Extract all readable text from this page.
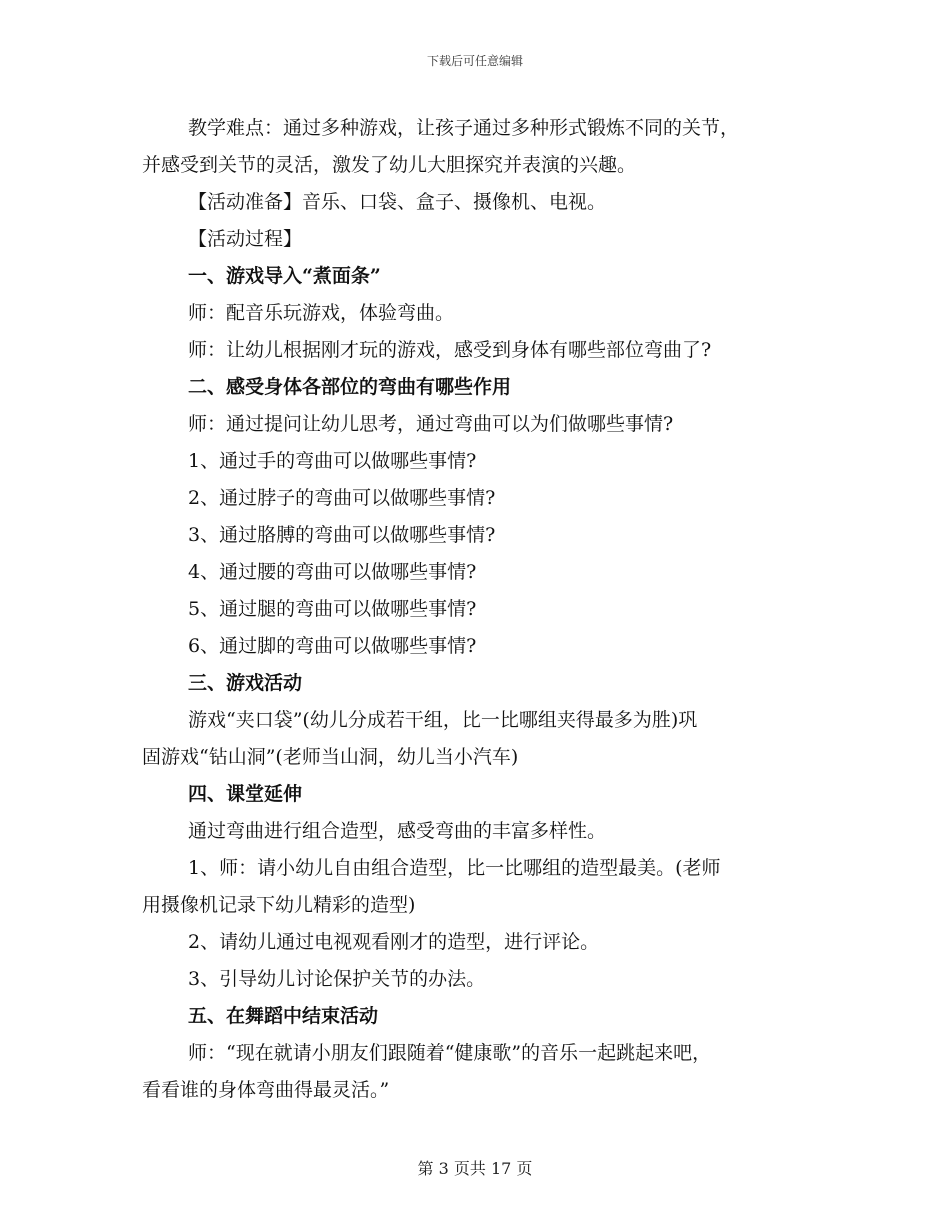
下载后可任意编辑
教学难点：通过多种游戏，让孩子通过多种形式锻炼不同的关节，
并感受到关节的灵活，激发了幼儿大胆探究并表演的兴趣。
【活动准备】音乐、口袋、盒子、摄像机、电视。
【活动过程】
一、游戏导入“煮面条”
师：配音乐玩游戏，体验弯曲。
师：让幼儿根据刚才玩的游戏，感受到身体有哪些部位弯曲了?
二、感受身体各部位的弯曲有哪些作用
师：通过提问让幼儿思考，通过弯曲可以为们做哪些事情?
1、通过手的弯曲可以做哪些事情?
2、通过脖子的弯曲可以做哪些事情?
3、通过胳膊的弯曲可以做哪些事情?
4、通过腰的弯曲可以做哪些事情?
5、通过腿的弯曲可以做哪些事情?
6、通过脚的弯曲可以做哪些事情?
三、游戏活动
游戏“夹口袋”(幼儿分成若干组，比一比哪组夹得最多为胜)巩
固游戏“钻山洞”(老师当山洞，幼儿当小汽车)
四、课堂延伸
通过弯曲进行组合造型，感受弯曲的丰富多样性。
1、师：请小幼儿自由组合造型，比一比哪组的造型最美。(老师
用摄像机记录下幼儿精彩的造型)
2、请幼儿通过电视观看刚才的造型，进行评论。
3、引导幼儿讨论保护关节的办法。
五、在舞蹈中结束活动
师：“现在就请小朋友们跟随着“健康歌”的音乐一起跳起来吧，
看看谁的身体弯曲得最灵活。”
第 3 页共 17 页
